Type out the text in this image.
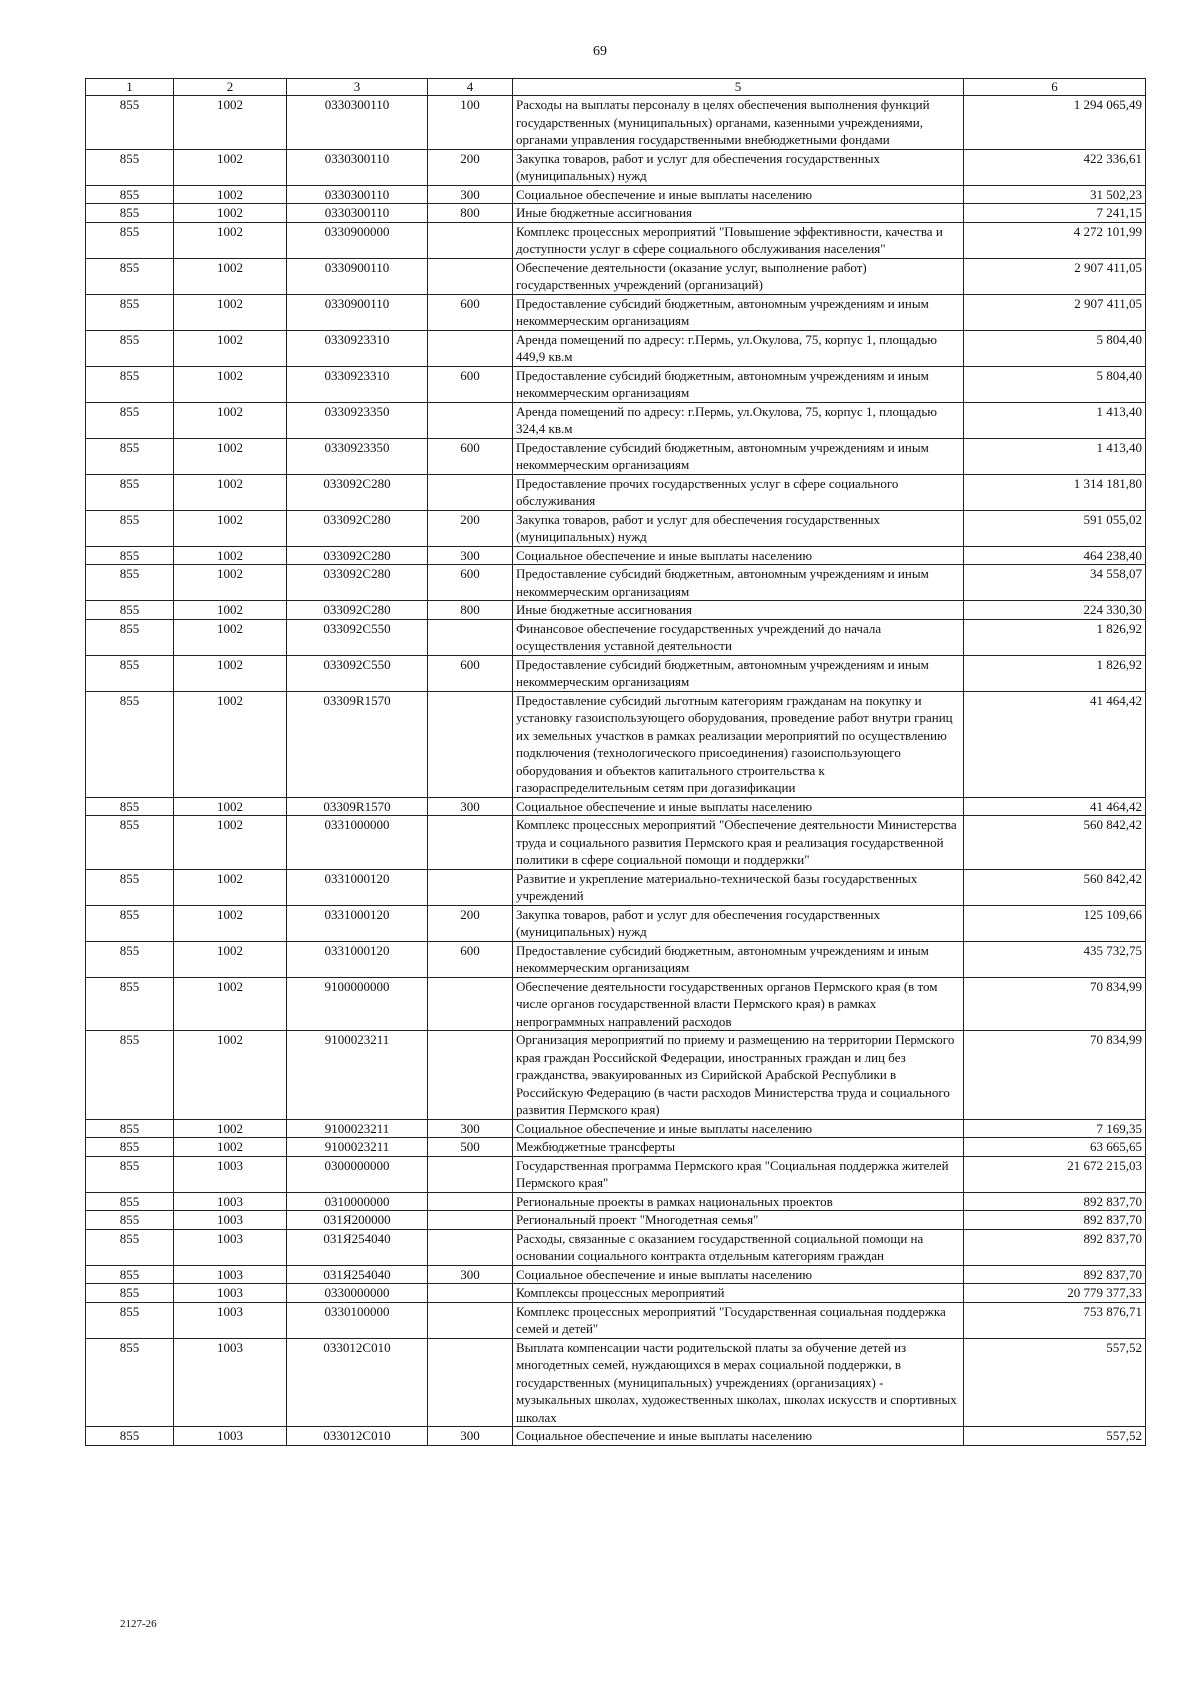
69
1	2	3	4	5	6
855	1002	0330300110	100	Расходы на выплаты персоналу в целях обеспечения выполнения функций государственных (муниципальных) органами, казенными учреждениями, органами управления государственными внебюджетными фондами	1 294 065,49
855	1002	0330300110	200	Закупка товаров, работ и услуг для обеспечения государственных (муниципальных) нужд	422 336,61
855	1002	0330300110	300	Социальное обеспечение и иные выплаты населению	31 502,23
855	1002	0330300110	800	Иные бюджетные ассигнования	7 241,15
855	1002	0330900000		Комплекс процессных мероприятий "Повышение эффективности, качества и доступности услуг в сфере социального обслуживания населения"	4 272 101,99
855	1002	0330900110		Обеспечение деятельности (оказание услуг, выполнение работ) государственных учреждений (организаций)	2 907 411,05
855	1002	0330900110	600	Предоставление субсидий бюджетным, автономным учреждениям и иным некоммерческим организациям	2 907 411,05
855	1002	0330923310		Аренда помещений по адресу: г.Пермь, ул.Окулова, 75, корпус 1, площадью 449,9 кв.м	5 804,40
855	1002	0330923310	600	Предоставление субсидий бюджетным, автономным учреждениям и иным некоммерческим организациям	5 804,40
855	1002	0330923350		Аренда помещений по адресу: г.Пермь, ул.Окулова, 75, корпус 1, площадью 324,4 кв.м	1 413,40
855	1002	0330923350	600	Предоставление субсидий бюджетным, автономным учреждениям и иным некоммерческим организациям	1 413,40
855	1002	033092С280		Предоставление прочих государственных услуг в сфере социального обслуживания	1 314 181,80
855	1002	033092С280	200	Закупка товаров, работ и услуг для обеспечения государственных (муниципальных) нужд	591 055,02
855	1002	033092С280	300	Социальное обеспечение и иные выплаты населению	464 238,40
855	1002	033092С280	600	Предоставление субсидий бюджетным, автономным учреждениям и иным некоммерческим организациям	34 558,07
855	1002	033092С280	800	Иные бюджетные ассигнования	224 330,30
855	1002	033092С550		Финансовое обеспечение государственных учреждений до начала осуществления уставной деятельности	1 826,92
855	1002	033092С550	600	Предоставление субсидий бюджетным, автономным учреждениям и иным некоммерческим организациям	1 826,92
855	1002	03309R1570		Предоставление субсидий льготным категориям гражданам на покупку и установку газоиспользующего оборудования, проведение работ внутри границ их земельных участков в рамках реализации мероприятий по осуществлению подключения (технологического присоединения) газоиспользующего оборудования и объектов капитального строительства к газораспределительным сетям при догазификации	41 464,42
855	1002	03309R1570	300	Социальное обеспечение и иные выплаты населению	41 464,42
855	1002	0331000000		Комплекс процессных мероприятий "Обеспечение деятельности Министерства труда и социального развития Пермского края и реализация государственной политики в сфере социальной помощи и поддержки"	560 842,42
855	1002	0331000120		Развитие и укрепление материально-технической базы государственных учреждений	560 842,42
855	1002	0331000120	200	Закупка товаров, работ и услуг для обеспечения государственных (муниципальных) нужд	125 109,66
855	1002	0331000120	600	Предоставление субсидий бюджетным, автономным учреждениям и иным некоммерческим организациям	435 732,75
855	1002	9100000000		Обеспечение деятельности государственных органов Пермского края (в том числе органов государственной власти Пермского края) в рамках непрограммных направлений расходов	70 834,99
855	1002	9100023211		Организация мероприятий по приему и размещению на территории Пермского края граждан Российской Федерации, иностранных граждан и лиц без гражданства, эвакуированных из Сирийской Арабской Республики в Российскую Федерацию (в части расходов Министерства труда и социального развития Пермского края)	70 834,99
855	1002	9100023211	300	Социальное обеспечение и иные выплаты населению	7 169,35
855	1002	9100023211	500	Межбюджетные трансферты	63 665,65
855	1003	0300000000		Государственная программа Пермского края "Социальная поддержка жителей Пермского края"	21 672 215,03
855	1003	0310000000		Региональные проекты в рамках национальных проектов	892 837,70
855	1003	031Я200000		Региональный проект "Многодетная семья"	892 837,70
855	1003	031Я254040		Расходы, связанные с оказанием государственной социальной помощи на основании социального контракта отдельным категориям граждан	892 837,70
855	1003	031Я254040	300	Социальное обеспечение и иные выплаты населению	892 837,70
855	1003	0330000000		Комплексы процессных мероприятий	20 779 377,33
855	1003	0330100000		Комплекс процессных мероприятий "Государственная социальная поддержка семей и детей"	753 876,71
855	1003	033012С010		Выплата компенсации части родительской платы за обучение детей из многодетных семей, нуждающихся в мерах социальной поддержки, в государственных (муниципальных) учреждениях (организациях) - музыкальных школах, художественных школах, школах искусств и спортивных школах	557,52
855	1003	033012С010	300	Социальное обеспечение и иные выплаты населению	557,52
2127-26
